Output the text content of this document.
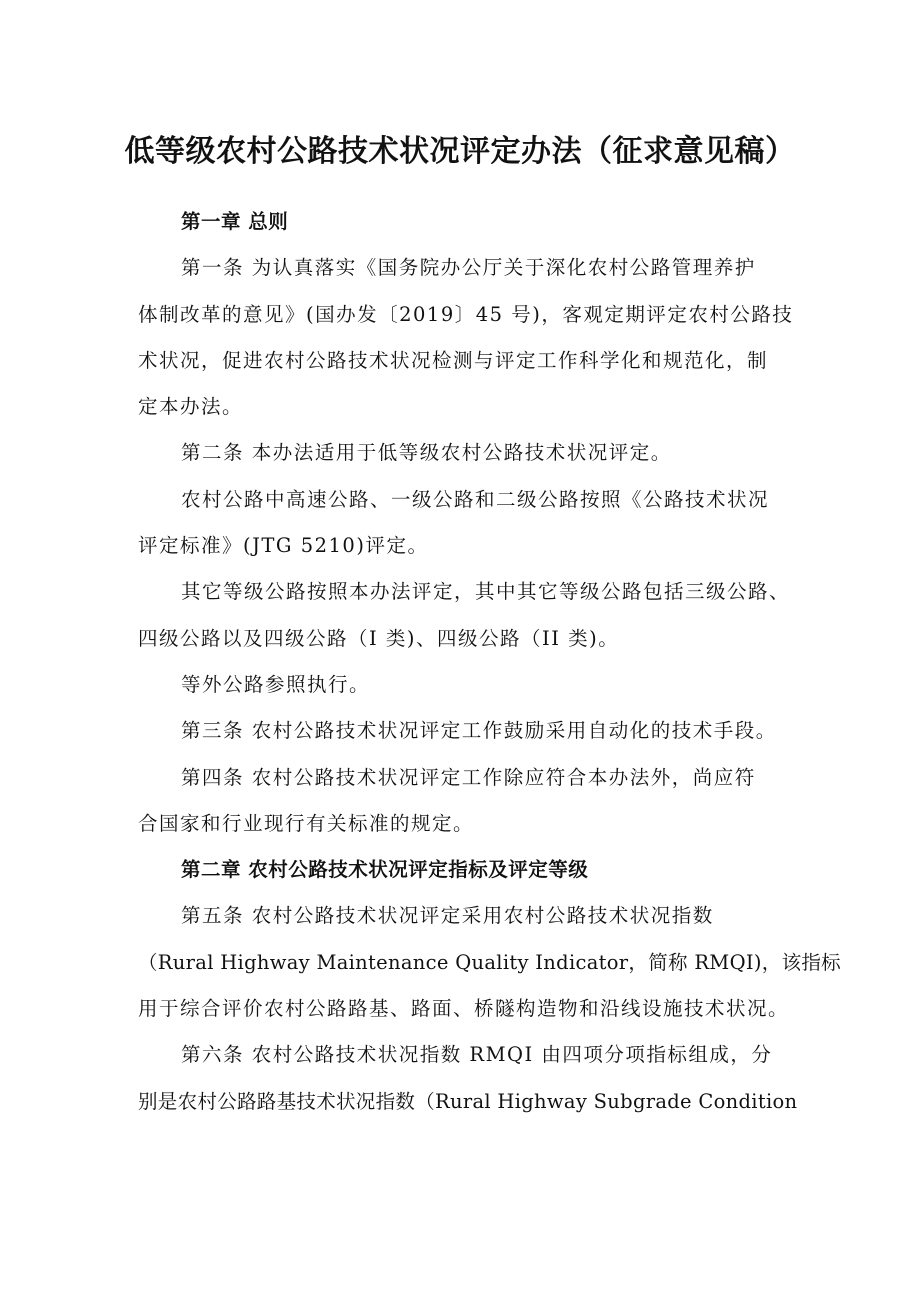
低等级农村公路技术状况评定办法（征求意见稿）

第一章 总则

第一条 为认真落实《国务院办公厅关于深化农村公路管理养护
体制改革的意见》(国办发〔2019〕45 号)，客观定期评定农村公路技
术状况，促进农村公路技术状况检测与评定工作科学化和规范化，制
定本办法。

第二条 本办法适用于低等级农村公路技术状况评定。

农村公路中高速公路、一级公路和二级公路按照《公路技术状况
评定标准》(JTG 5210)评定。

其它等级公路按照本办法评定，其中其它等级公路包括三级公路、
四级公路以及四级公路（I 类)、四级公路（II 类)。

等外公路参照执行。

第三条 农村公路技术状况评定工作鼓励采用自动化的技术手段。

第四条 农村公路技术状况评定工作除应符合本办法外，尚应符
合国家和行业现行有关标准的规定。

第二章 农村公路技术状况评定指标及评定等级

第五条 农村公路技术状况评定采用农村公路技术状况指数
（Rural Highway Maintenance Quality Indicator，简称 RMQI)，该指标
用于综合评价农村公路路基、路面、桥隧构造物和沿线设施技术状况。

第六条 农村公路技术状况指数 RMQI 由四项分项指标组成，分
别是农村公路路基技术状况指数（Rural Highway Subgrade Condition
